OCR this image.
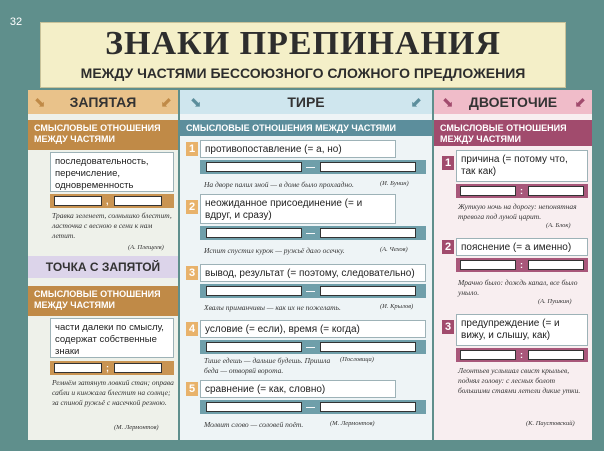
32
ЗНАКИ ПРЕПИНАНИЯ
МЕЖДУ ЧАСТЯМИ БЕССОЮЗНОГО СЛОЖНОГО ПРЕДЛОЖЕНИЯ
ЗАПЯТАЯ
⬊	⬋
СМЫСЛОВЫЕ ОТНОШЕНИЯ МЕЖДУ ЧАСТЯМИ
последовательность, перечисление, одновременность
,
Травка зеленеет, солнышко блестит, ласточка с весною в сени к нам летит.
(А. Плещеев)
ТОЧКА С ЗАПЯТОЙ
СМЫСЛОВЫЕ ОТНОШЕНИЯ МЕЖДУ ЧАСТЯМИ
части далеки по смыслу, содержат собственные знаки
;
Ремнём затянут ловкий стан; оправа сабли и кинжала блестит на солнце; за спиной ружьё с насечкой резною.
(М. Лермонтов)
ТИРЕ
⬊	⬋
СМЫСЛОВЫЕ ОТНОШЕНИЯ МЕЖДУ ЧАСТЯМИ
1 противопоставление (= а, но)
—
На дворе палил зной — в доме было прохладно.	(И. Бунин)
2 неожиданное присоединение (= и вдруг, и сразу)
—
Испит спустил курок — ружьё дало осечку.	(А. Чехов)
3 вывод, результат (= поэтому, следовательно)
—
Хвалы приманчивы — как их не пожелать.	(И. Крылов)
4 условие (= если), время (= когда)
—
Тише едешь — дальше будешь. Пришла беда — отворяй ворота.
(Пословица)
5 сравнение (= как, словно)
—
Молвит слово — соловей поёт.	(М. Лермонтов)
ДВОЕТОЧИЕ
⬊	⬋
СМЫСЛОВЫЕ ОТНОШЕНИЯ МЕЖДУ ЧАСТЯМИ
1 причина (= потому что, так как)
:
Жуткую ночь на дорогу: непонятная тревога под луной царит.
(А. Блок)
2 пояснение (= а именно)
:
Мрачно было: дождь капал, все было уныло.
(А. Пушкин)
3 предупреждение (= и вижу, и слышу, как)
:
Леонтьев услышал свист крыльев, поднял голову: с лесных болот большими стаями летели дикие утки.
(К. Паустовский)
